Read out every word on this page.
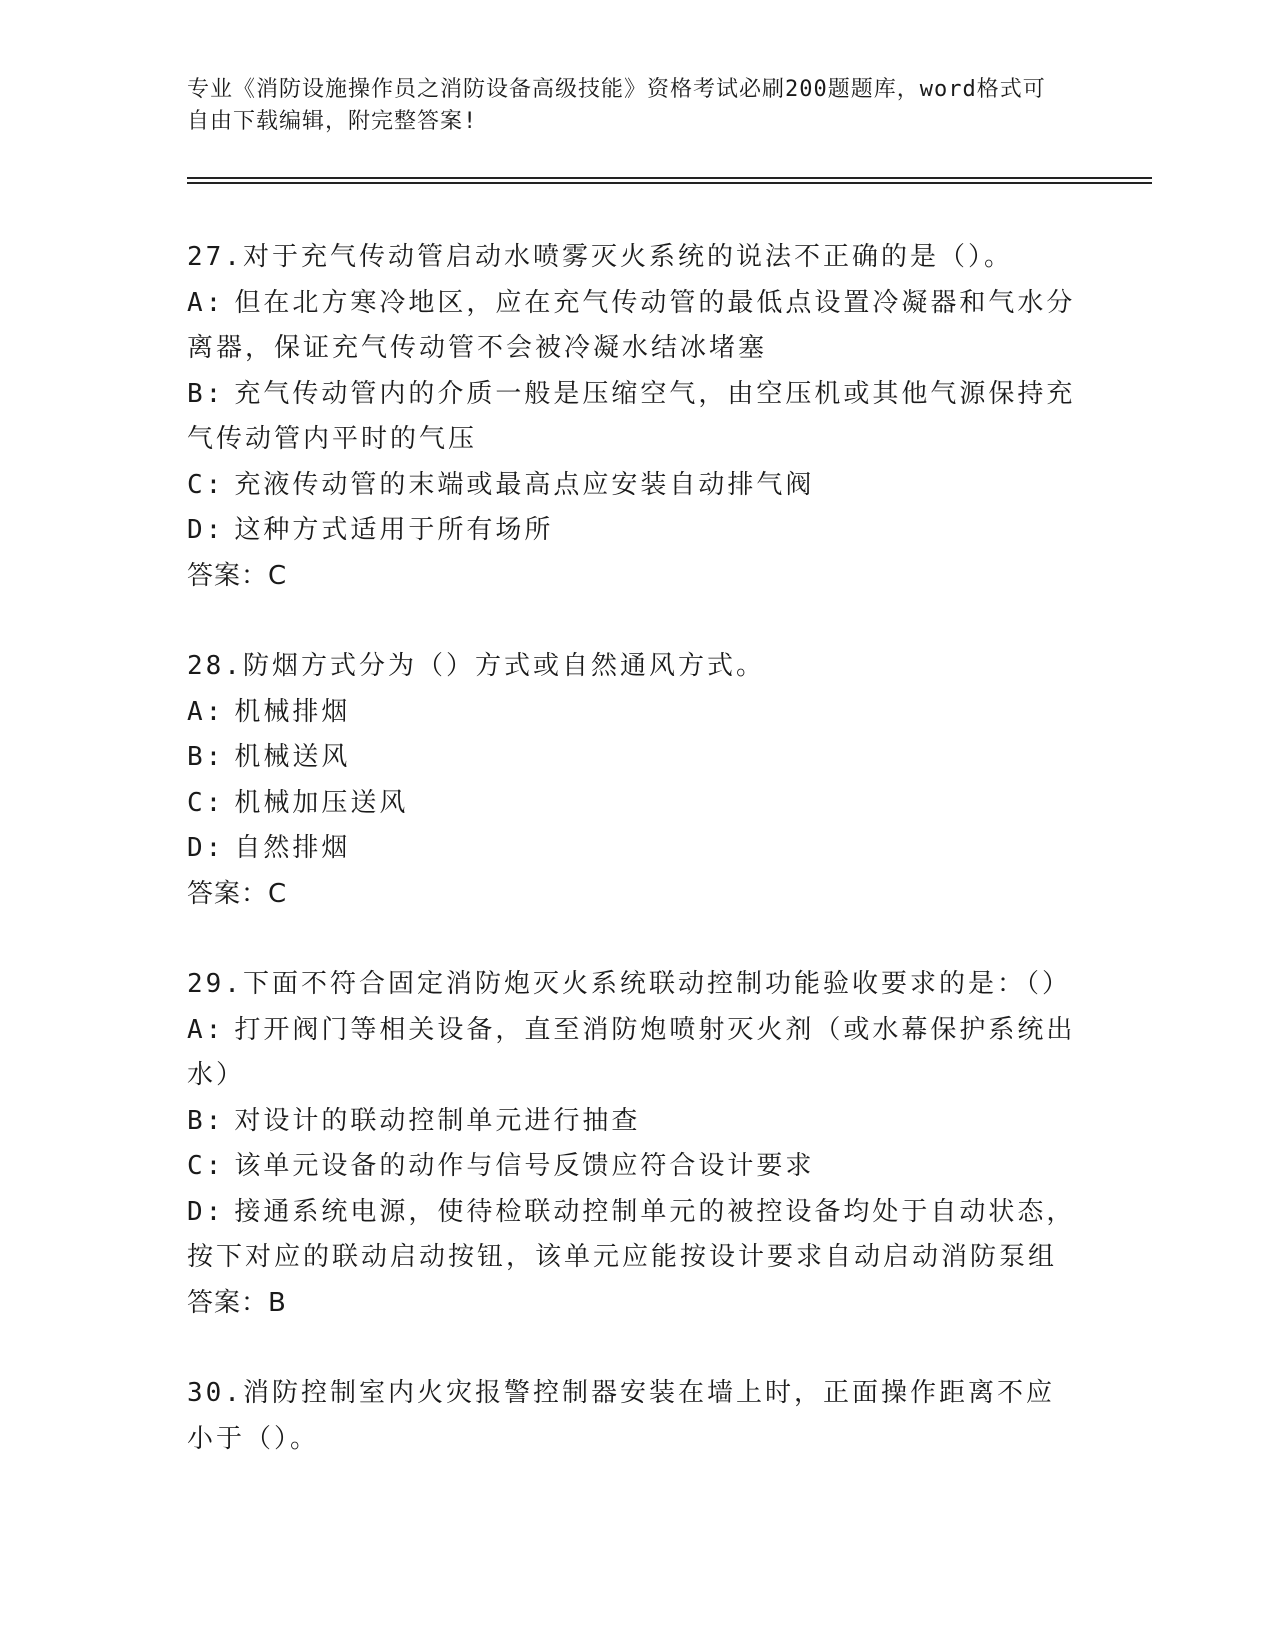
专业《消防设施操作员之消防设备高级技能》资格考试必刷200题题库，word格式可自由下载编辑，附完整答案!

27.对于充气传动管启动水喷雾灭火系统的说法不正确的是（）。

A: 但在北方寒冷地区，应在充气传动管的最低点设置冷凝器和气水分离器，保证充气传动管不会被冷凝水结冰堵塞

B: 充气传动管内的介质一般是压缩空气，由空压机或其他气源保持充气传动管内平时的气压

C: 充液传动管的末端或最高点应安装自动排气阀

D: 这种方式适用于所有场所

答案：C

28.防烟方式分为（）方式或自然通风方式。

A: 机械排烟

B: 机械送风

C: 机械加压送风

D: 自然排烟

答案：C

29.下面不符合固定消防炮灭火系统联动控制功能验收要求的是：（）

A: 打开阀门等相关设备，直至消防炮喷射灭火剂（或水幕保护系统出水）

B: 对设计的联动控制单元进行抽查

C: 该单元设备的动作与信号反馈应符合设计要求

D: 接通系统电源，使待检联动控制单元的被控设备均处于自动状态，按下对应的联动启动按钮，该单元应能按设计要求自动启动消防泵组

答案：B

30.消防控制室内火灾报警控制器安装在墙上时，正面操作距离不应小于（）。
